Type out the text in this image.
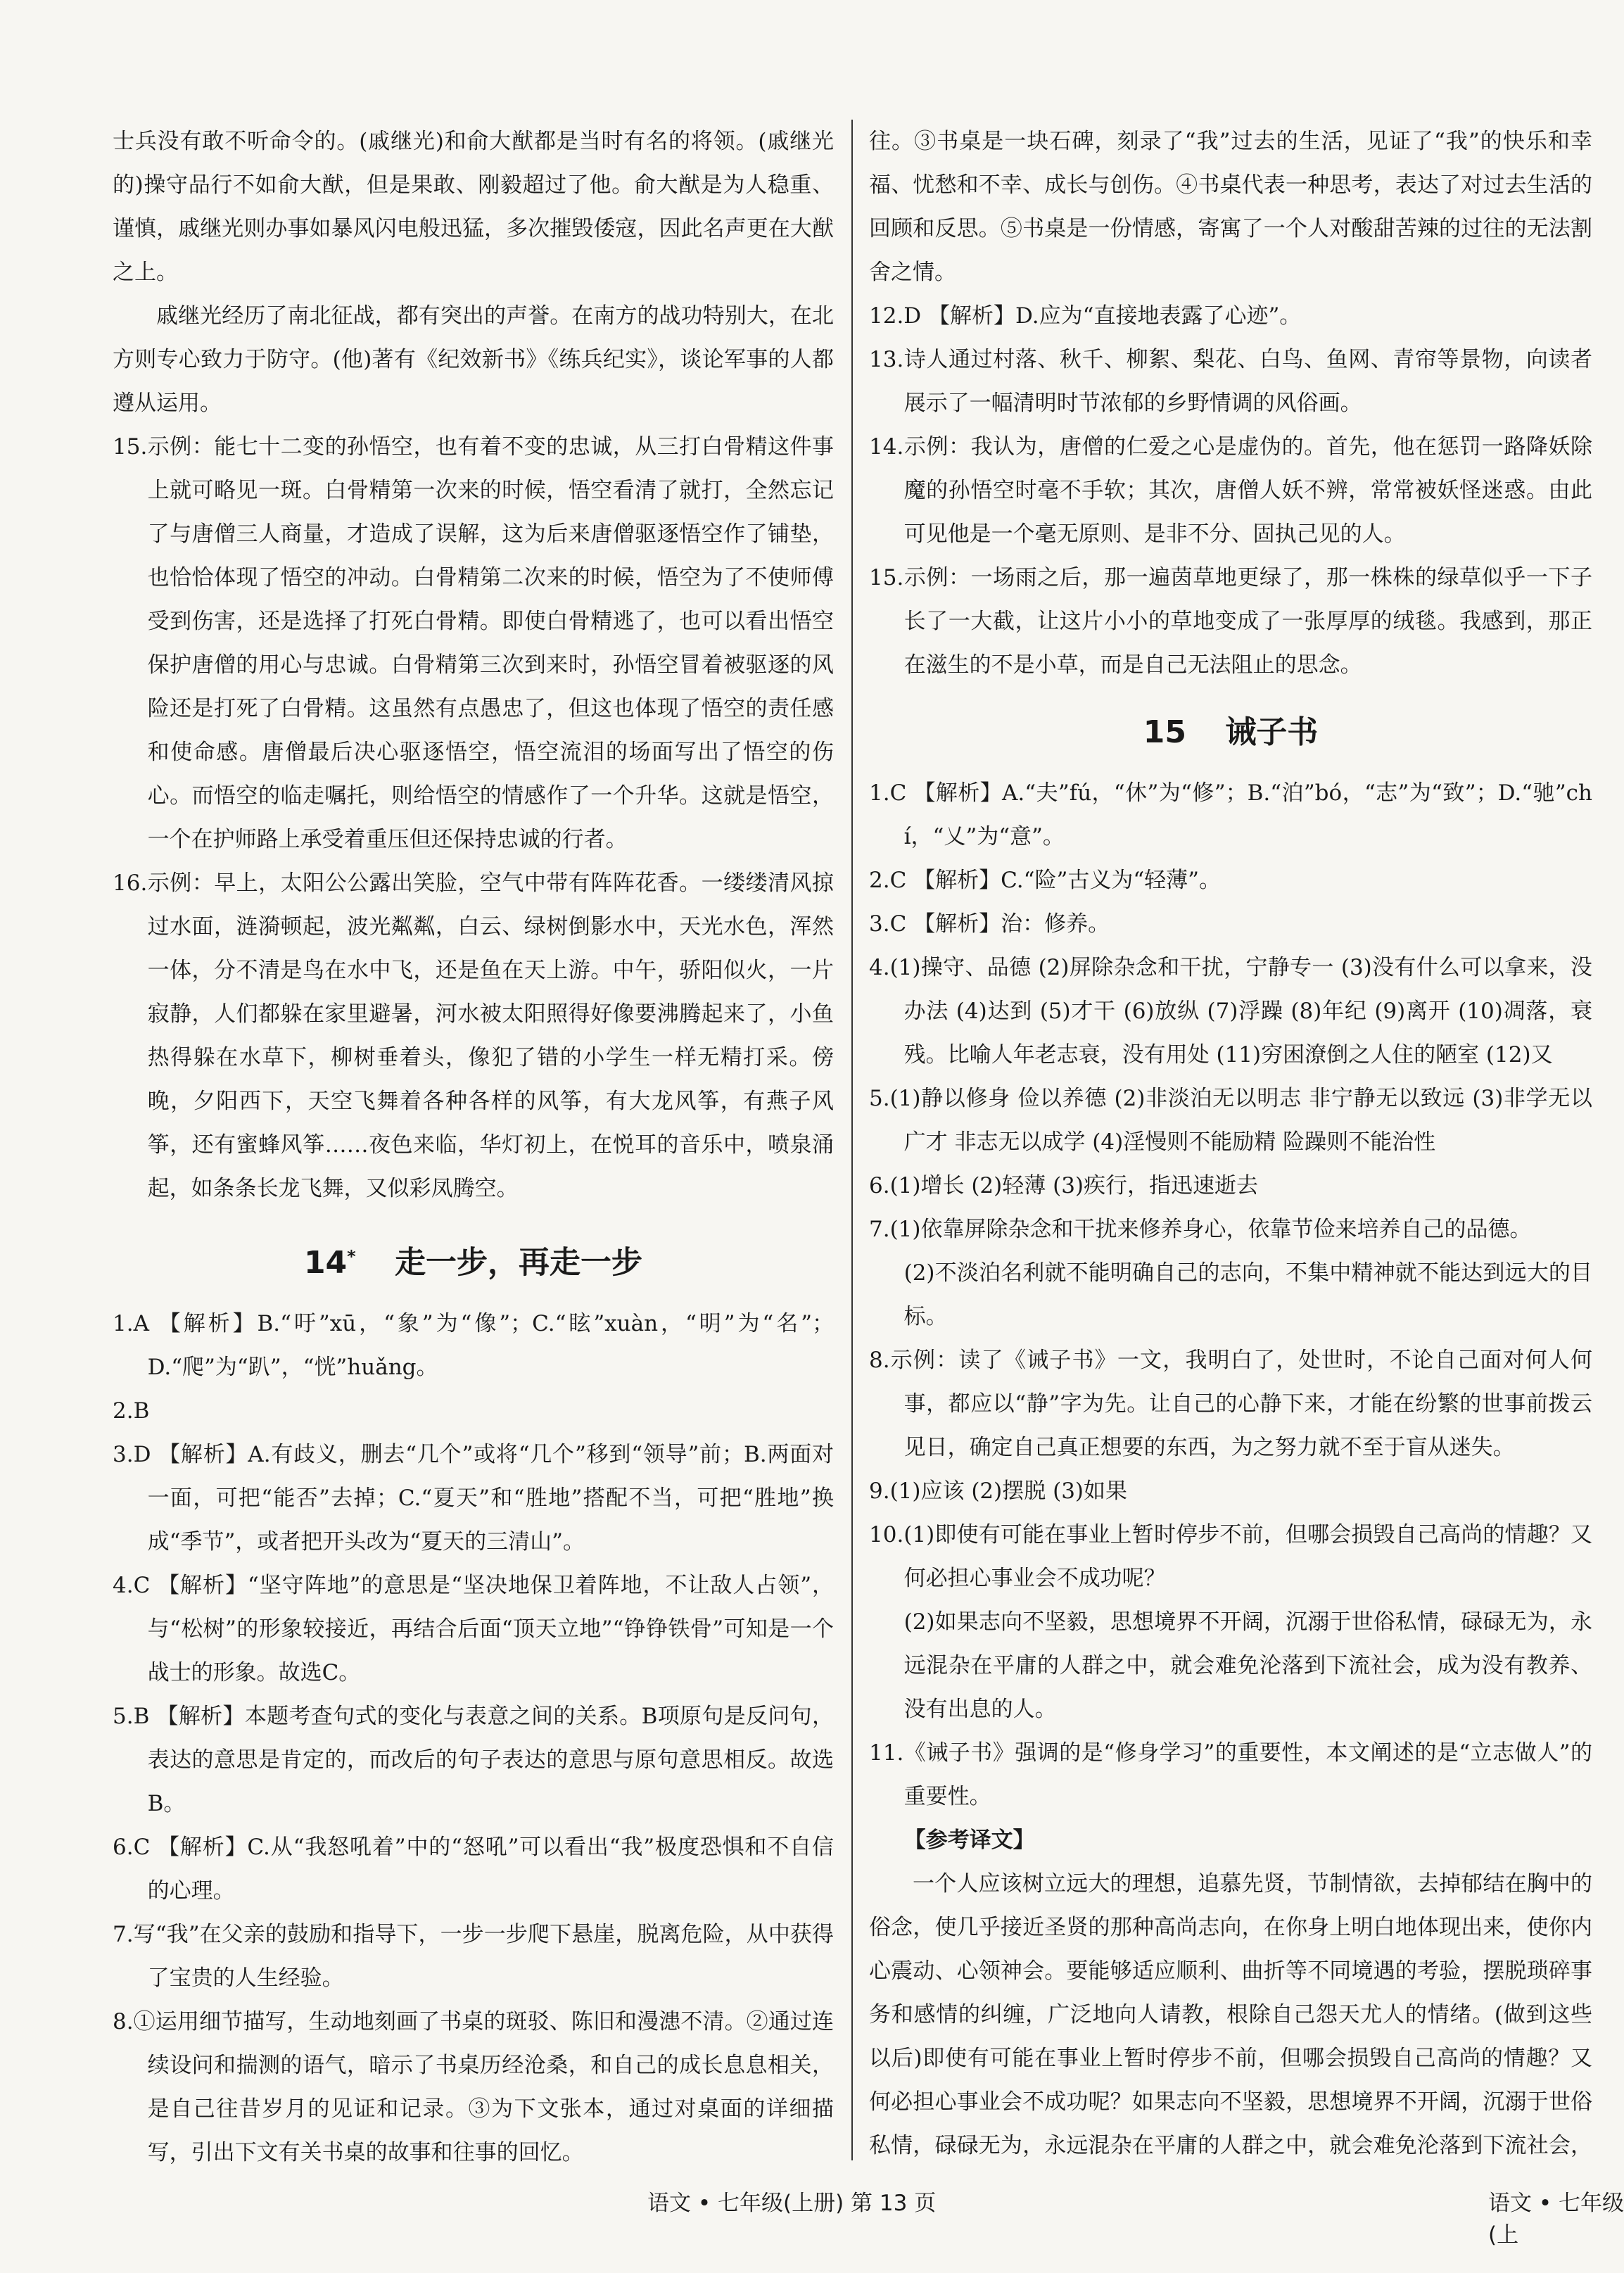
士兵没有敢不听命令的。(戚继光)和俞大猷都是当时有名的将领。(戚继光的)操守品行不如俞大猷，但是果敢、刚毅超过了他。俞大猷是为人稳重、谨慎，戚继光则办事如暴风闪电般迅猛，多次摧毁倭寇，因此名声更在大猷之上。

戚继光经历了南北征战，都有突出的声誉。在南方的战功特别大，在北方则专心致力于防守。(他)著有《纪效新书》《练兵纪实》，谈论军事的人都遵从运用。

15.示例：能七十二变的孙悟空，也有着不变的忠诚，从三打白骨精这件事上就可略见一斑。白骨精第一次来的时候，悟空看清了就打，全然忘记了与唐僧三人商量，才造成了误解，这为后来唐僧驱逐悟空作了铺垫，也恰恰体现了悟空的冲动。白骨精第二次来的时候，悟空为了不使师傅受到伤害，还是选择了打死白骨精。即使白骨精逃了，也可以看出悟空保护唐僧的用心与忠诚。白骨精第三次到来时，孙悟空冒着被驱逐的风险还是打死了白骨精。这虽然有点愚忠了，但这也体现了悟空的责任感和使命感。唐僧最后决心驱逐悟空，悟空流泪的场面写出了悟空的伤心。而悟空的临走嘱托，则给悟空的情感作了一个升华。这就是悟空，一个在护师路上承受着重压但还保持忠诚的行者。

16.示例：早上，太阳公公露出笑脸，空气中带有阵阵花香。一缕缕清风掠过水面，涟漪顿起，波光粼粼，白云、绿树倒影水中，天光水色，浑然一体，分不清是鸟在水中飞，还是鱼在天上游。中午，骄阳似火，一片寂静，人们都躲在家里避暑，河水被太阳照得好像要沸腾起来了，小鱼热得躲在水草下，柳树垂着头，像犯了错的小学生一样无精打采。傍晚，夕阳西下，天空飞舞着各种各样的风筝，有大龙风筝，有燕子风筝，还有蜜蜂风筝……夜色来临，华灯初上，在悦耳的音乐中，喷泉涌起，如条条长龙飞舞，又似彩凤腾空。

14* 走一步，再走一步

1.A 【解析】B.“吁”xū，“象”为“像”；C.“眩”xuàn，“明”为“名”；D.“爬”为“趴”，“恍”huǎng。

2.B

3.D 【解析】A.有歧义，删去“几个”或将“几个”移到“领导”前；B.两面对一面，可把“能否”去掉；C.“夏天”和“胜地”搭配不当，可把“胜地”换成“季节”，或者把开头改为“夏天的三清山”。

4.C 【解析】“坚守阵地”的意思是“坚决地保卫着阵地，不让敌人占领”，与“松树”的形象较接近，再结合后面“顶天立地”“铮铮铁骨”可知是一个战士的形象。故选C。

5.B 【解析】本题考查句式的变化与表意之间的关系。B项原句是反问句，表达的意思是肯定的，而改后的句子表达的意思与原句意思相反。故选B。

6.C 【解析】C.从“我怒吼着”中的“怒吼”可以看出“我”极度恐惧和不自信的心理。

7.写“我”在父亲的鼓励和指导下，一步一步爬下悬崖，脱离危险，从中获得了宝贵的人生经验。

8.①运用细节描写，生动地刻画了书桌的斑驳、陈旧和漫漶不清。②通过连续设问和揣测的语气，暗示了书桌历经沧桑，和自己的成长息息相关，是自己往昔岁月的见证和记录。③为下文张本，通过对桌面的详细描写，引出下文有关书桌的故事和往事的回忆。

往。③书桌是一块石碑，刻录了“我”过去的生活，见证了“我”的快乐和幸福、忧愁和不幸、成长与创伤。④书桌代表一种思考，表达了对过去生活的回顾和反思。⑤书桌是一份情感，寄寓了一个人对酸甜苦辣的过往的无法割舍之情。

12.D 【解析】D.应为“直接地表露了心迹”。

13.诗人通过村落、秋千、柳絮、梨花、白鸟、鱼网、青帘等景物，向读者展示了一幅清明时节浓郁的乡野情调的风俗画。

14.示例：我认为，唐僧的仁爱之心是虚伪的。首先，他在惩罚一路降妖除魔的孙悟空时毫不手软；其次，唐僧人妖不辨，常常被妖怪迷惑。由此可见他是一个毫无原则、是非不分、固执己见的人。

15.示例：一场雨之后，那一遍茵草地更绿了，那一株株的绿草似乎一下子长了一大截，让这片小小的草地变成了一张厚厚的绒毯。我感到，那正在滋生的不是小草，而是自己无法阻止的思念。

15 诫子书

1.C 【解析】A.“夫”fú，“休”为“修”；B.“泊”bó，“志”为“致”；D.“驰”chí，“乂”为“意”。

2.C 【解析】C.“险”古义为“轻薄”。

3.C 【解析】治：修养。

4.(1)操守、品德 (2)屏除杂念和干扰，宁静专一 (3)没有什么可以拿来，没办法 (4)达到 (5)才干 (6)放纵 (7)浮躁 (8)年纪 (9)离开 (10)凋落，衰残。比喻人年老志衰，没有用处 (11)穷困潦倒之人住的陋室 (12)又

5.(1)静以修身 俭以养德 (2)非淡泊无以明志 非宁静无以致远 (3)非学无以广才 非志无以成学 (4)淫慢则不能励精 险躁则不能治性

6.(1)增长 (2)轻薄 (3)疾行，指迅速逝去

7.(1)依靠屏除杂念和干扰来修养身心，依靠节俭来培养自己的品德。

(2)不淡泊名利就不能明确自己的志向，不集中精神就不能达到远大的目标。

8.示例：读了《诫子书》一文，我明白了，处世时，不论自己面对何人何事，都应以“静”字为先。让自己的心静下来，才能在纷繁的世事前拨云见日，确定自己真正想要的东西，为之努力就不至于盲从迷失。

9.(1)应该 (2)摆脱 (3)如果

10.(1)即使有可能在事业上暂时停步不前，但哪会损毁自己高尚的情趣？又何必担心事业会不成功呢？

(2)如果志向不坚毅，思想境界不开阔，沉溺于世俗私情，碌碌无为，永远混杂在平庸的人群之中，就会难免沦落到下流社会，成为没有教养、没有出息的人。

11.《诫子书》强调的是“修身学习”的重要性，本文阐述的是“立志做人”的重要性。

【参考译文】

一个人应该树立远大的理想，追慕先贤，节制情欲，去掉郁结在胸中的俗念，使几乎接近圣贤的那种高尚志向，在你身上明白地体现出来，使你内心震动、心领神会。要能够适应顺利、曲折等不同境遇的考验，摆脱琐碎事务和感情的纠缠，广泛地向人请教，根除自己怨天尤人的情绪。(做到这些以后)即使有可能在事业上暂时停步不前，但哪会损毁自己高尚的情趣？又何必担心事业会不成功呢？如果志向不坚毅，思想境界不开阔，沉溺于世俗私情，碌碌无为，永远混杂在平庸的人群之中，就会难免沦落到下流社会，

语文 • 七年级(上册) 第 13 页	语文 • 七年级(上
